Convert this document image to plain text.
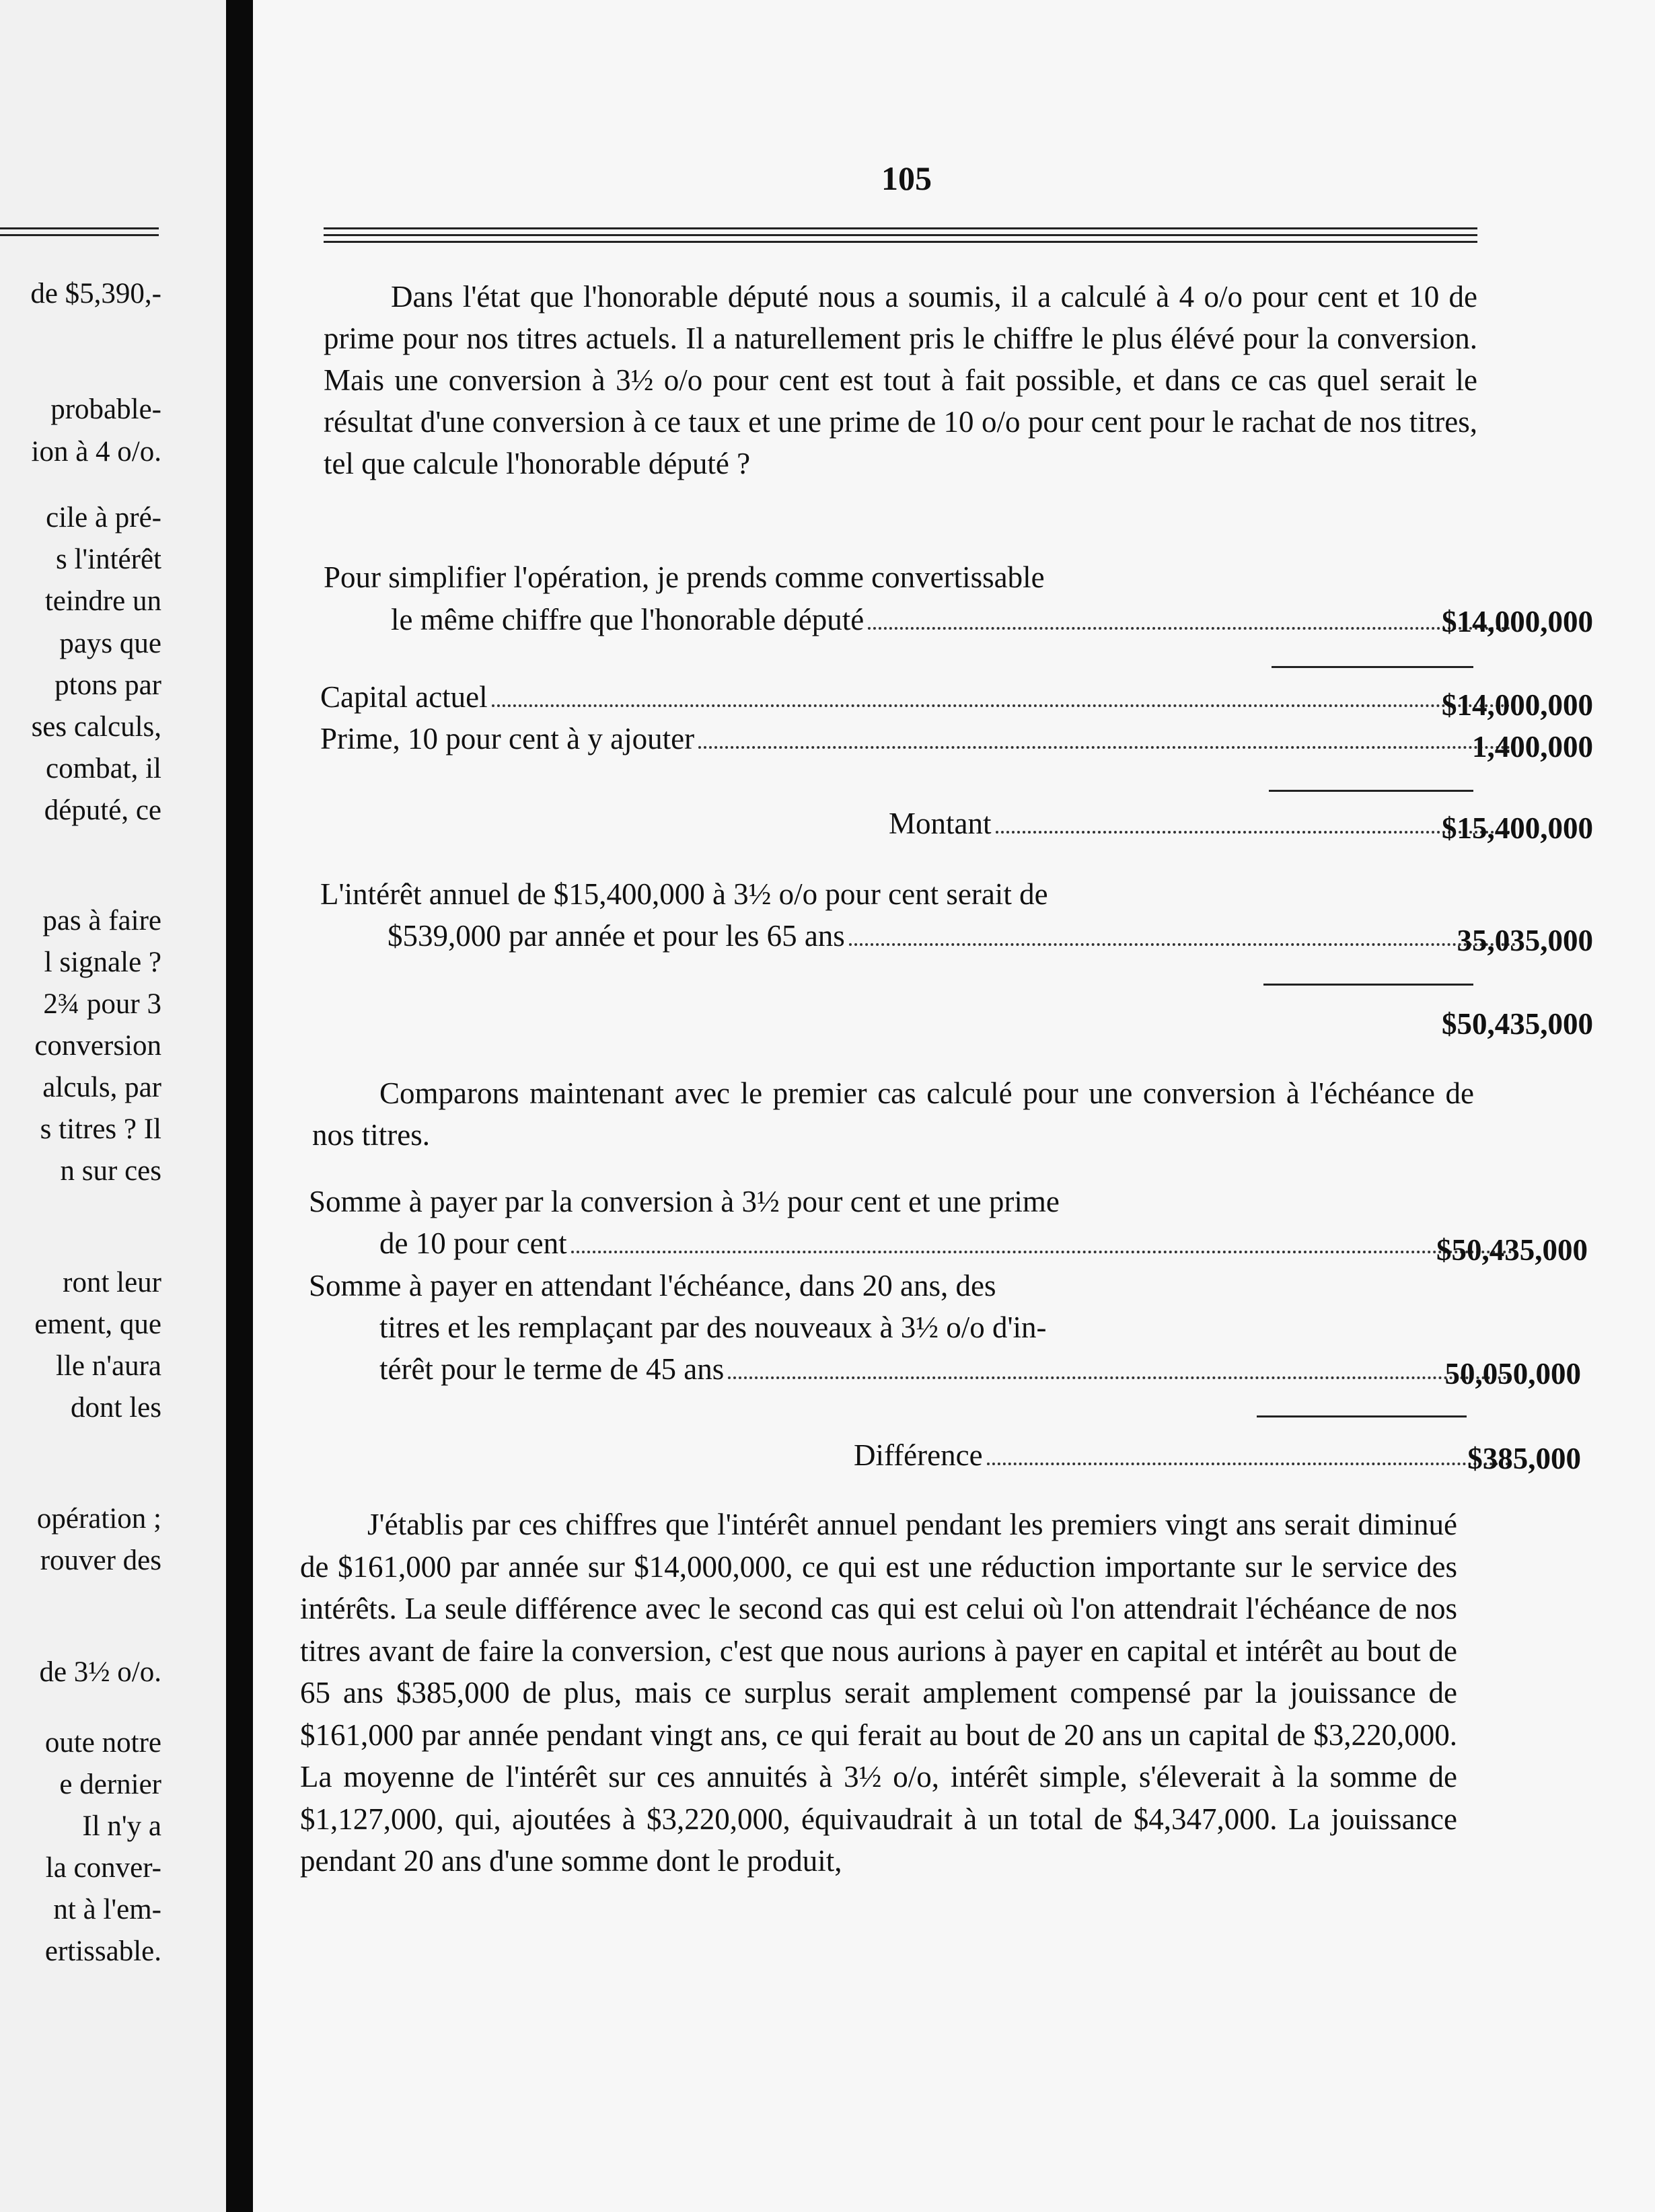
de $5,390,-
probable-
ion à 4 o/o.
cile à pré-
s l'intérêt
teindre un
pays que
ptons par
ses calculs,
combat, il
député, ce
pas à faire
l signale ?
2¾ pour 3
conversion
alculs, par
s titres ? Il
n sur ces
ront leur
ement, que
lle n'aura
dont les
opération ;
rouver des
de 3½ o/o.
oute notre
e dernier
Il n'y a
la conver-
nt à l'em-
ertissable.
105
Dans l'état que l'honorable député nous a soumis, il a calculé à 4 o/o pour cent et 10 de prime pour nos titres actuels. Il a naturellement pris le chiffre le plus élévé pour la conversion. Mais une conversion à 3½ o/o pour cent est tout à fait possible, et dans ce cas quel serait le résultat d'une conversion à ce taux et une prime de 10 o/o pour cent pour le rachat de nos titres, tel que calcule l'honorable député ?
Pour simplifier l'opération, je prends comme convertissable
le même chiffre que l'honorable député	$14,000,000
Capital actuel	$14,000,000
Prime, 10 pour cent à y ajouter	1,400,000
Montant	$15,400,000
L'intérêt annuel de $15,400,000 à 3½ o/o pour cent serait de
$539,000 par année et pour les 65 ans	35,035,000
$50,435,000
Comparons maintenant avec le premier cas calculé pour une conversion à l'échéance de nos titres.
Somme à payer par la conversion à 3½ pour cent et une prime
de 10 pour cent	$50,435,000
Somme à payer en attendant l'échéance, dans 20 ans, des
titres et les remplaçant par des nouveaux à 3½ o/o d'in-
térêt pour le terme de 45 ans	50,050,000
Différence	$385,000
J'établis par ces chiffres que l'intérêt annuel pendant les premiers vingt ans serait diminué de $161,000 par année sur $14,000,000, ce qui est une réduction importante sur le service des intérêts. La seule différence avec le second cas qui est celui où l'on attendrait l'échéance de nos titres avant de faire la conversion, c'est que nous aurions à payer en capital et intérêt au bout de 65 ans $385,000 de plus, mais ce surplus serait amplement compensé par la jouissance de $161,000 par année pendant vingt ans, ce qui ferait au bout de 20 ans un capital de $3,220,000. La moyenne de l'intérêt sur ces annuités à 3½ o/o, intérêt simple, s'éleverait à la somme de $1,127,000, qui, ajoutées à $3,220,000, équivaudrait à un total de $4,347,000. La jouissance pendant 20 ans d'une somme dont le produit,
